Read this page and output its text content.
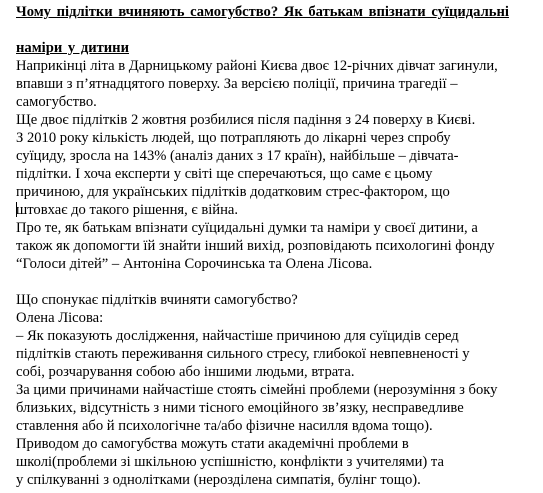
Чому підлітки вчиняють самогубство? Як батькам впізнати суїцидальні
наміри у дитини
Наприкінці літа в Дарницькому районі Києва двоє 12-річних дівчат загинули,
впавши з п’ятнадцятого поверху. За версією поліції, причина трагедії –
самогубство.
Ще двоє підлітків 2 жовтня розбилися після падіння з 24 поверху в Києві.
З 2010 року кількість людей, що потрапляють до лікарні через спробу
суїциду, зросла на 143% (аналіз даних з 17 країн), найбільше – дівчата-
підлітки. І хоча експерти у світі ще сперечаються, що саме є цьому
причиною, для українських підлітків додатковим стрес-фактором, що
штовхає до такого рішення, є війна.
Про те, як батькам впізнати суїцидальні думки та наміри у своєї дитини, а
також як допомогти їй знайти інший вихід, розповідають психологині фонду
“Голоси дітей” – Антоніна Сорочинська та Олена Лісова.
Що спонукає підлітків вчиняти самогубство?
Олена Лісова:
– Як показують дослідження, найчастіше причиною для суїцидів серед
підлітків стають переживання сильного стресу, глибокої невпевненості у
собі, розчарування собою або іншими людьми, втрата.
За цими причинами найчастіше стоять сімейні проблеми (нерозуміння з боку
близьких, відсутність з ними тісного емоційного зв’язку, несправедливе
ставлення або й психологічне та/або фізичне насилля вдома тощо).
Приводом до самогубства можуть стати академічні проблеми в
школі(проблеми зі шкільною успішністю, конфлікти з учителями) та
у спілкуванні з однолітками (нерозділена симпатія, булінг тощо).
